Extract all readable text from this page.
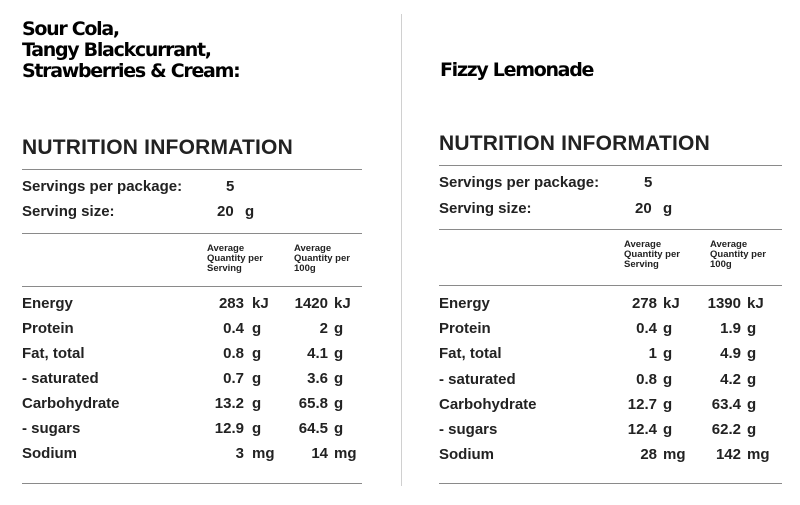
Sour Cola,
Tangy Blackcurrant,
Strawberries & Cream:
NUTRITION INFORMATION
Servings per package:	5
Serving size:	20 g
Average
Quantity per
Serving
Average
Quantity per
100g
Energy	283 kJ 1420 kJ
Protein	0.4 g	2 g
Fat, total	0.8 g	4.1 g
- saturated	0.7 g	3.6 g
Carbohydrate	13.2 g	65.8 g
- sugars	12.9 g	64.5 g
Sodium	3 mg 14 mg
Fizzy Lemonade
NUTRITION INFORMATION
Servings per package:	5
Serving size:	20 g
Average
Quantity per
Serving
Average
Quantity per
100g
Energy	278 kJ 1390 kJ
Protein	0.4 g	1.9 g
Fat, total	1 g	4.9 g
- saturated	0.8 g	4.2 g
Carbohydrate	12.7 g	63.4 g
- sugars	12.4 g	62.2 g
Sodium	28 mg 142 mg
